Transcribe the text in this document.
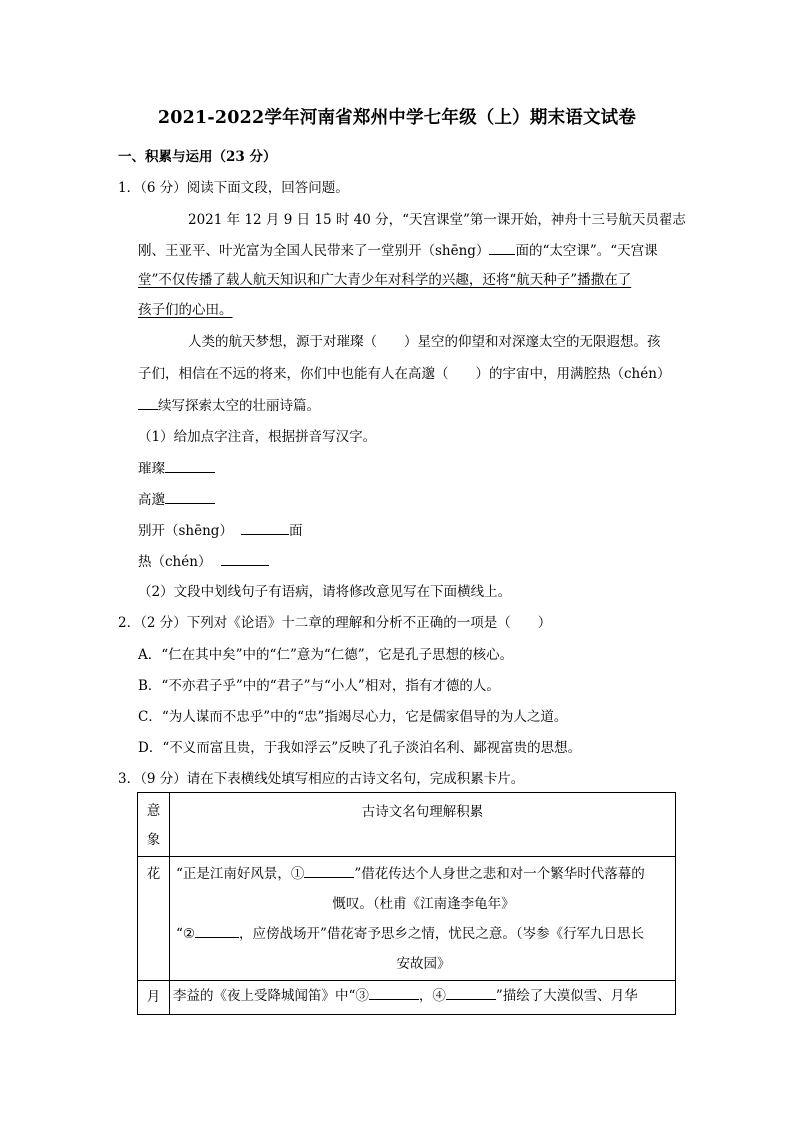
2021-2022学年河南省郑州中学七年级（上）期末语文试卷
一、积累与运用（23 分）
1．（6 分）阅读下面文段，回答问题。
2021 年 12 月 9 日 15 时 40 分，“天宫课堂”第一课开始，神舟十三号航天员翟志
刚、王亚平、叶光富为全国人民带来了一堂别开（shēng） 面的“太空课”。“天宫课
堂”不仅传播了载人航天知识和广大青少年对科学的兴趣，还将“航天种子”播撒在了
孩子们的心田。
人类的航天梦想，源于对璀璨（　　）星空的仰望和对深邃太空的无限遐想。孩
子们，相信在不远的将来，你们中也能有人在高邈（　　）的宇宙中，用满腔热（chén）
续写探索太空的壮丽诗篇。
（1）给加点字注音，根据拼音写汉字。
璀璨
高邈
别开（shēng）	面
热（chén）
（2）文段中划线句子有语病，请将修改意见写在下面横线上。
2．（2 分）下列对《论语》十二章的理解和分析不正确的一项是（　　）
A．“仁在其中矣”中的“仁”意为“仁德”，它是孔子思想的核心。
B．“不亦君子乎”中的“君子”与“小人”相对，指有才德的人。
C．“为人谋而不忠乎”中的“忠”指竭尽心力，它是儒家倡导的为人之道。
D．“不义而富且贵，于我如浮云”反映了孔子淡泊名利、鄙视富贵的思想。
3．（9 分）请在下表横线处填写相应的古诗文名句，完成积累卡片。
意
象	古诗文名句理解积累

花	“正是江南好风景，① ”借花传达个人身世之悲和对一个繁华时代落幕的
慨叹。（杜甫《江南逢李龟年》
“② ，应傍战场开”借花寄予思乡之情，忧民之意。（岑参《行军九日思长
安故园》

月	李益的《夜上受降城闻笛》中“③ ，④ ”描绘了大漠似雪、月华
